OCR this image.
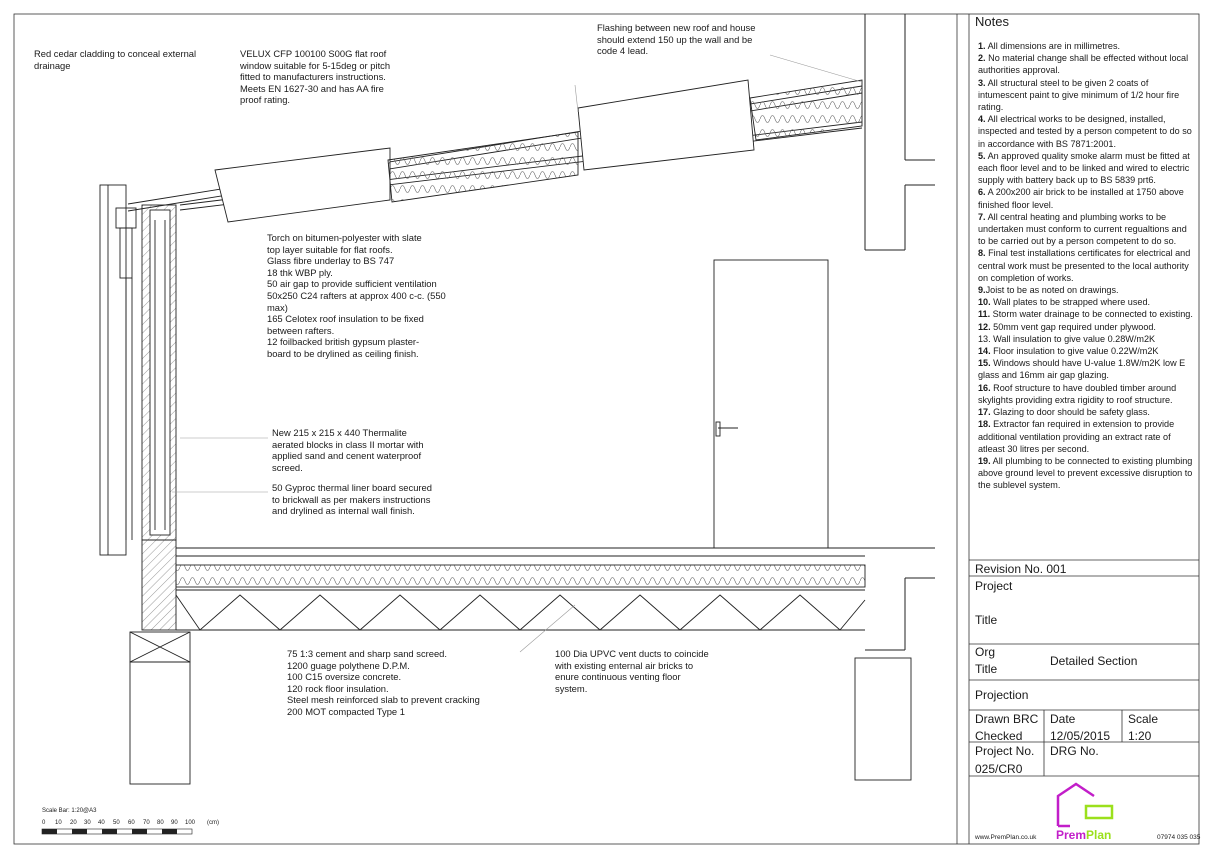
Red cedar cladding to conceal external
drainage
VELUX CFP 100100 S00G flat roof
window suitable for 5-15deg or pitch
fitted to manufacturers instructions.
Meets EN 1627-30 and has AA fire
proof rating.
Flashing between new roof and house
should extend 150 up the wall and be
code 4 lead.
Torch on bitumen-polyester with slate
top layer suitable for flat roofs.
Glass fibre underlay to BS 747
18 thk WBP ply.
50 air gap to provide sufficient ventilation
50x250 C24 rafters at approx 400 c-c. (550
max)
165 Celotex roof insulation to be fixed
between rafters.
12 foilbacked british gypsum plaster-
board to be drylined as ceiling finish.
New 215 x 215 x 440 Thermalite
aerated blocks in class II mortar with
applied sand and cenent waterproof
screed.
50 Gyproc thermal liner board secured
to brickwall as per makers instructions
and drylined as internal wall finish.
75 1:3 cement and sharp sand screed.
1200 guage polythene D.P.M.
100 C15 oversize concrete.
120 rock floor insulation.
Steel mesh reinforced slab to prevent cracking
200 MOT compacted Type 1
100 Dia UPVC vent ducts to coincide
with existing enternal air bricks to
enure continuous venting floor
system.
Scale Bar: 1:20@A3
0 10 20 30 40 50 60 70 80 90 100 (cm)
Notes
1. All dimensions are in millimetres.
2. No material change shall be effected without local authorities approval.
3. All structural steel to be given 2 coats of intumescent paint to give minimum of 1/2 hour fire rating.
4. All electrical works to be designed, installed, inspected and tested by a person competent to do so in accordance with BS 7871:2001.
5. An approved quality smoke alarm must be fitted at each floor level and to be linked and wired to electric supply with battery back up to BS 5839 prt6.
6. A 200x200 air brick to be installed at 1750 above finished floor level.
7. All central heating and plumbing works to be undertaken must conform to current regualtions and to be carried out by a person competent to do so.
8. Final test installations certificates for electrical and central work must be presented to the local authority on completion of works.
9.Joist to be as noted on drawings.
10. Wall plates to be strapped where used.
11. Storm water drainage to be connected to existing.
12. 50mm vent gap required under plywood.
13. Wall insulation to give value 0.28W/m2K
14. Floor insulation to give value 0.22W/m2K
15. Windows should have U-value 1.8W/m2K low E glass and 16mm air gap glazing.
16. Roof structure to have doubled timber around skylights providing extra rigidity to roof structure.
17. Glazing to door should be safety glass.
18. Extractor fan required in extension to provide additional ventilation providing an extract rate of atleast 30 litres per second.
19. All plumbing to be connected to existing plumbing above ground level to prevent excessive disruption to the sublevel system.
Revision No. 001
Project
Title
Org
Title
Detailed Section
Projection
Drawn BRC
Checked
Date
12/05/2015
Scale
1:20
Project No.
025/CR0
DRG No.
www.PremPlan.co.uk	07974 035 035
PremPlan
